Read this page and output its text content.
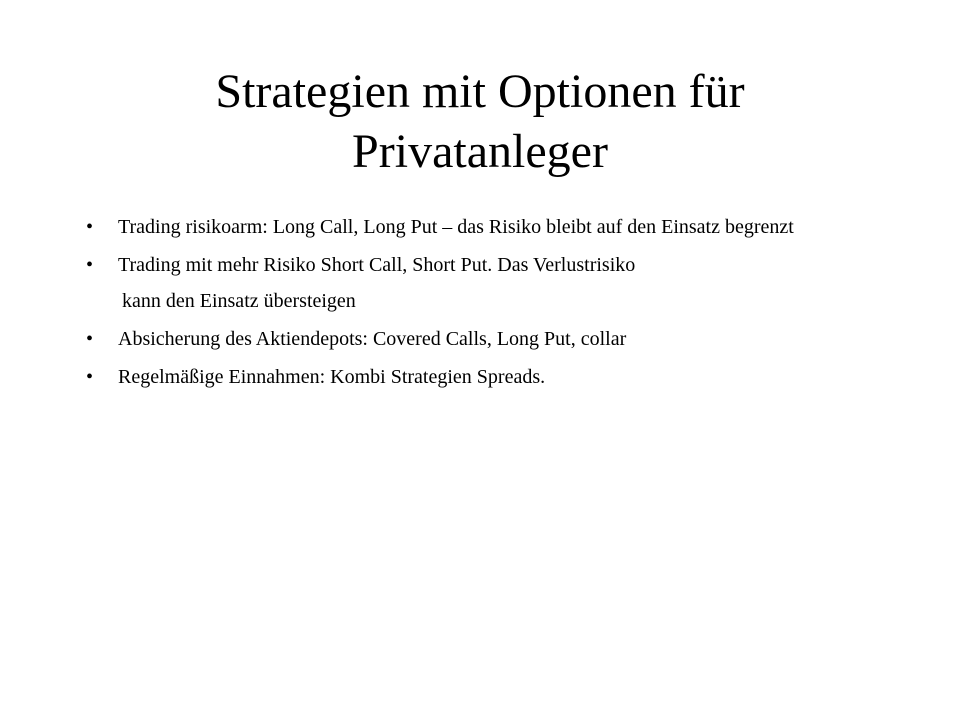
Strategien mit Optionen für
Privatanleger
•	Trading risikoarm: Long Call, Long Put – das Risiko bleibt auf den Einsatz begrenzt
•	Trading mit mehr Risiko Short Call, Short Put. Das Verlustrisiko
kann den Einsatz übersteigen
•	Absicherung des Aktiendepots: Covered Calls, Long Put, collar
•	Regelmäßige Einnahmen: Kombi Strategien Spreads.
